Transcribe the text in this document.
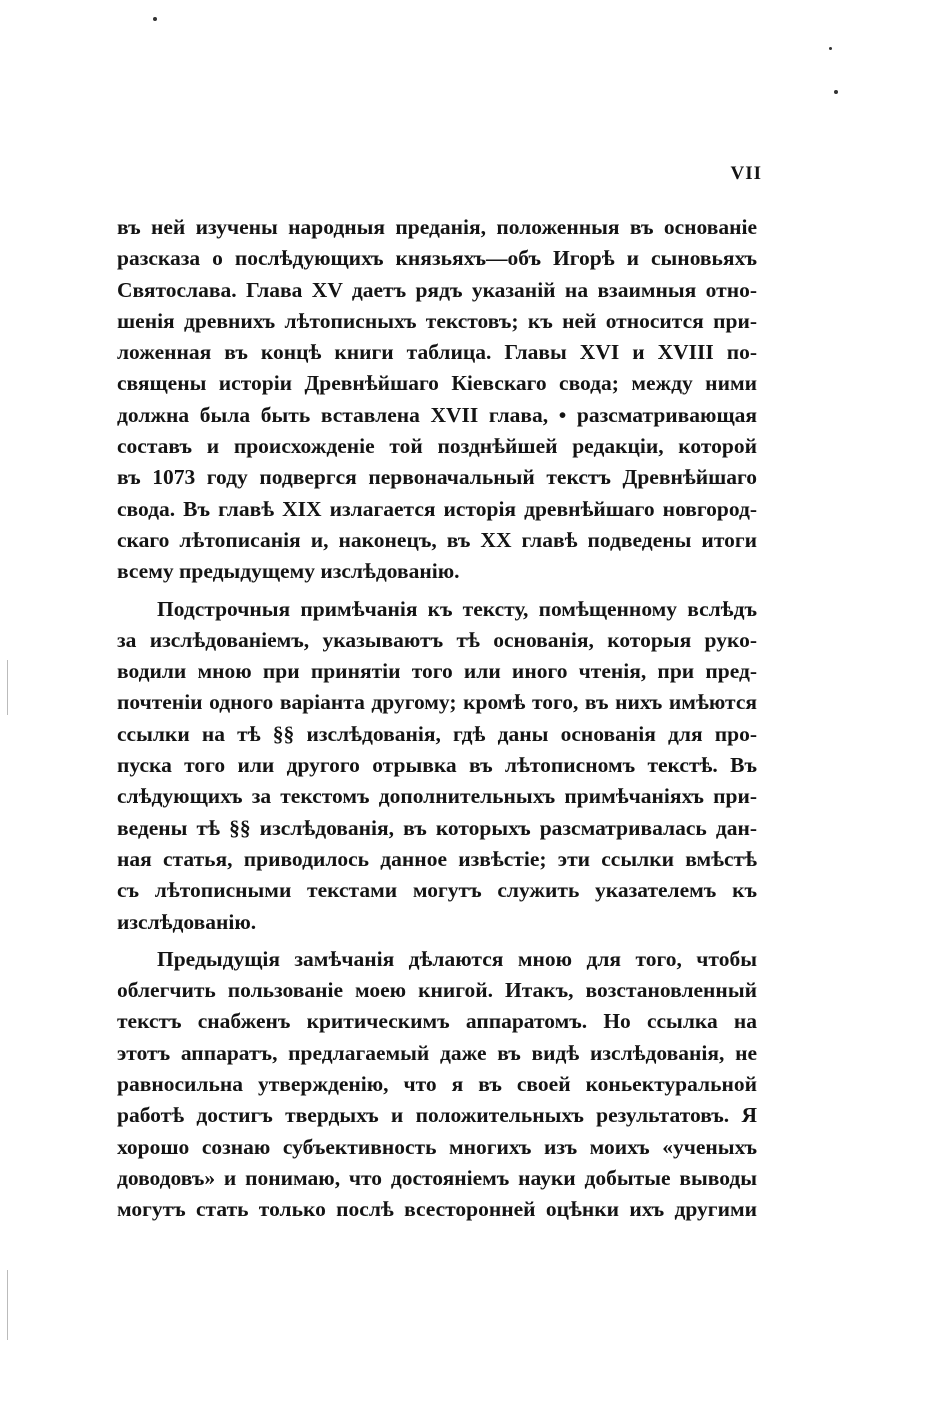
VII
въ ней изучены народныя преданія, положенныя въ основаніе
разсказа о послѣдующихъ князьяхъ—объ Игорѣ и сыновьяхъ
Святослава. Глава XV даетъ рядъ указаній на взаимныя отно-
шенія древнихъ лѣтописныхъ текстовъ; къ ней относится при-
ложенная въ концѣ книги таблица. Главы XVI и XVIII по-
священы исторіи Древнѣйшаго Кіевскаго свода; между ними
должна была быть вставлена XVII глава, • разсматривающая
составъ и происхожденіе той позднѣйшей редакціи, которой
въ 1073 году подвергся первоначальный текстъ Древнѣйшаго
свода. Въ главѣ XIX излагается исторія древнѣйшаго новгород-
скаго лѣтописанія и, наконецъ, въ XX главѣ подведены итоги
всему предыдущему изслѣдованію.
Подстрочныя примѣчанія къ тексту, помѣщенному вслѣдъ
за изслѣдованіемъ, указываютъ тѣ основанія, которыя руко-
водили мною при принятіи того или иного чтенія, при пред-
почтеніи одного варіанта другому; кромѣ того, въ нихъ имѣются
ссылки на тѣ §§ изслѣдованія, гдѣ даны основанія для про-
пуска того или другого отрывка въ лѣтописномъ текстѣ. Въ
слѣдующихъ за текстомъ дополнительныхъ примѣчаніяхъ при-
ведены тѣ §§ изслѣдованія, въ которыхъ разсматривалась дан-
ная статья, приводилось данное извѣстіе; эти ссылки вмѣстѣ
съ лѣтописными текстами могутъ служить указателемъ къ
изслѣдованію.
Предыдущія замѣчанія дѣлаются мною для того, чтобы
облегчить пользованіе моею книгой. Итакъ, возстановленный
текстъ снабженъ критическимъ аппаратомъ. Но ссылка на
этотъ аппаратъ, предлагаемый даже въ видѣ изслѣдованія, не
равносильна утвержденію, что я въ своей коньектуральной
работѣ достигъ твердыхъ и положительныхъ результатовъ. Я
хорошо сознаю субъективность многихъ изъ моихъ «ученыхъ
доводовъ» и понимаю, что достояніемъ науки добытые выводы
могутъ стать только послѣ всесторонней оцѣнки ихъ другими
